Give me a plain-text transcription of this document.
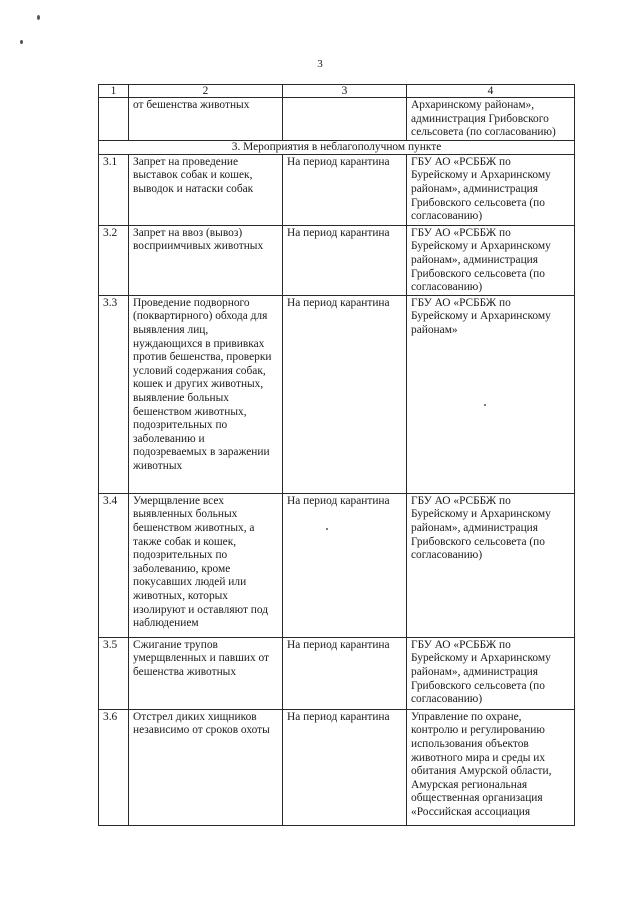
3
1	2	3	4
	от бешенства животных		Архаринскому районам», администрация Грибовского сельсовета (по согласованию)
3. Мероприятия в неблагополучном пункте			
3.1	Запрет на проведение выставок собак и кошек, выводок и натаски собак	На период карантина	ГБУ АО «РСББЖ по Бурейскому и Архаринскому районам», администрация Грибовского сельсовета (по согласованию)
3.2	Запрет на ввоз (вывоз) восприимчивых животных	На период карантина	ГБУ АО «РСББЖ по Бурейскому и Архаринскому районам», администрация Грибовского сельсовета (по согласованию)
3.3	Проведение подворного (поквартирного) обхода для выявления лиц, нуждающихся в прививках против бешенства, проверки условий содержания собак, кошек и других животных, выявление больных бешенством животных, подозрительных по заболеванию и подозреваемых в заражении животных	На период карантина	ГБУ АО «РСББЖ по Бурейскому и Архаринскому районам»
3.4	Умерщвление всех выявленных больных бешенством животных, а также собак и кошек, подозрительных по заболеванию, кроме покусавших людей или животных, которых изолируют и оставляют под наблюдением	На период карантина	ГБУ АО «РСББЖ по Бурейскому и Архаринскому районам», администрация Грибовского сельсовета (по согласованию)
3.5	Сжигание трупов умерщвленных и павших от бешенства животных	На период карантина	ГБУ АО «РСББЖ по Бурейскому и Архаринскому районам», администрация Грибовского сельсовета (по согласованию)
3.6	Отстрел диких хищников независимо от сроков охоты	На период карантина	Управление по охране, контролю и регулированию использования объектов животного мира и среды их обитания Амурской области, Амурская региональная общественная организация «Российская ассоциация
